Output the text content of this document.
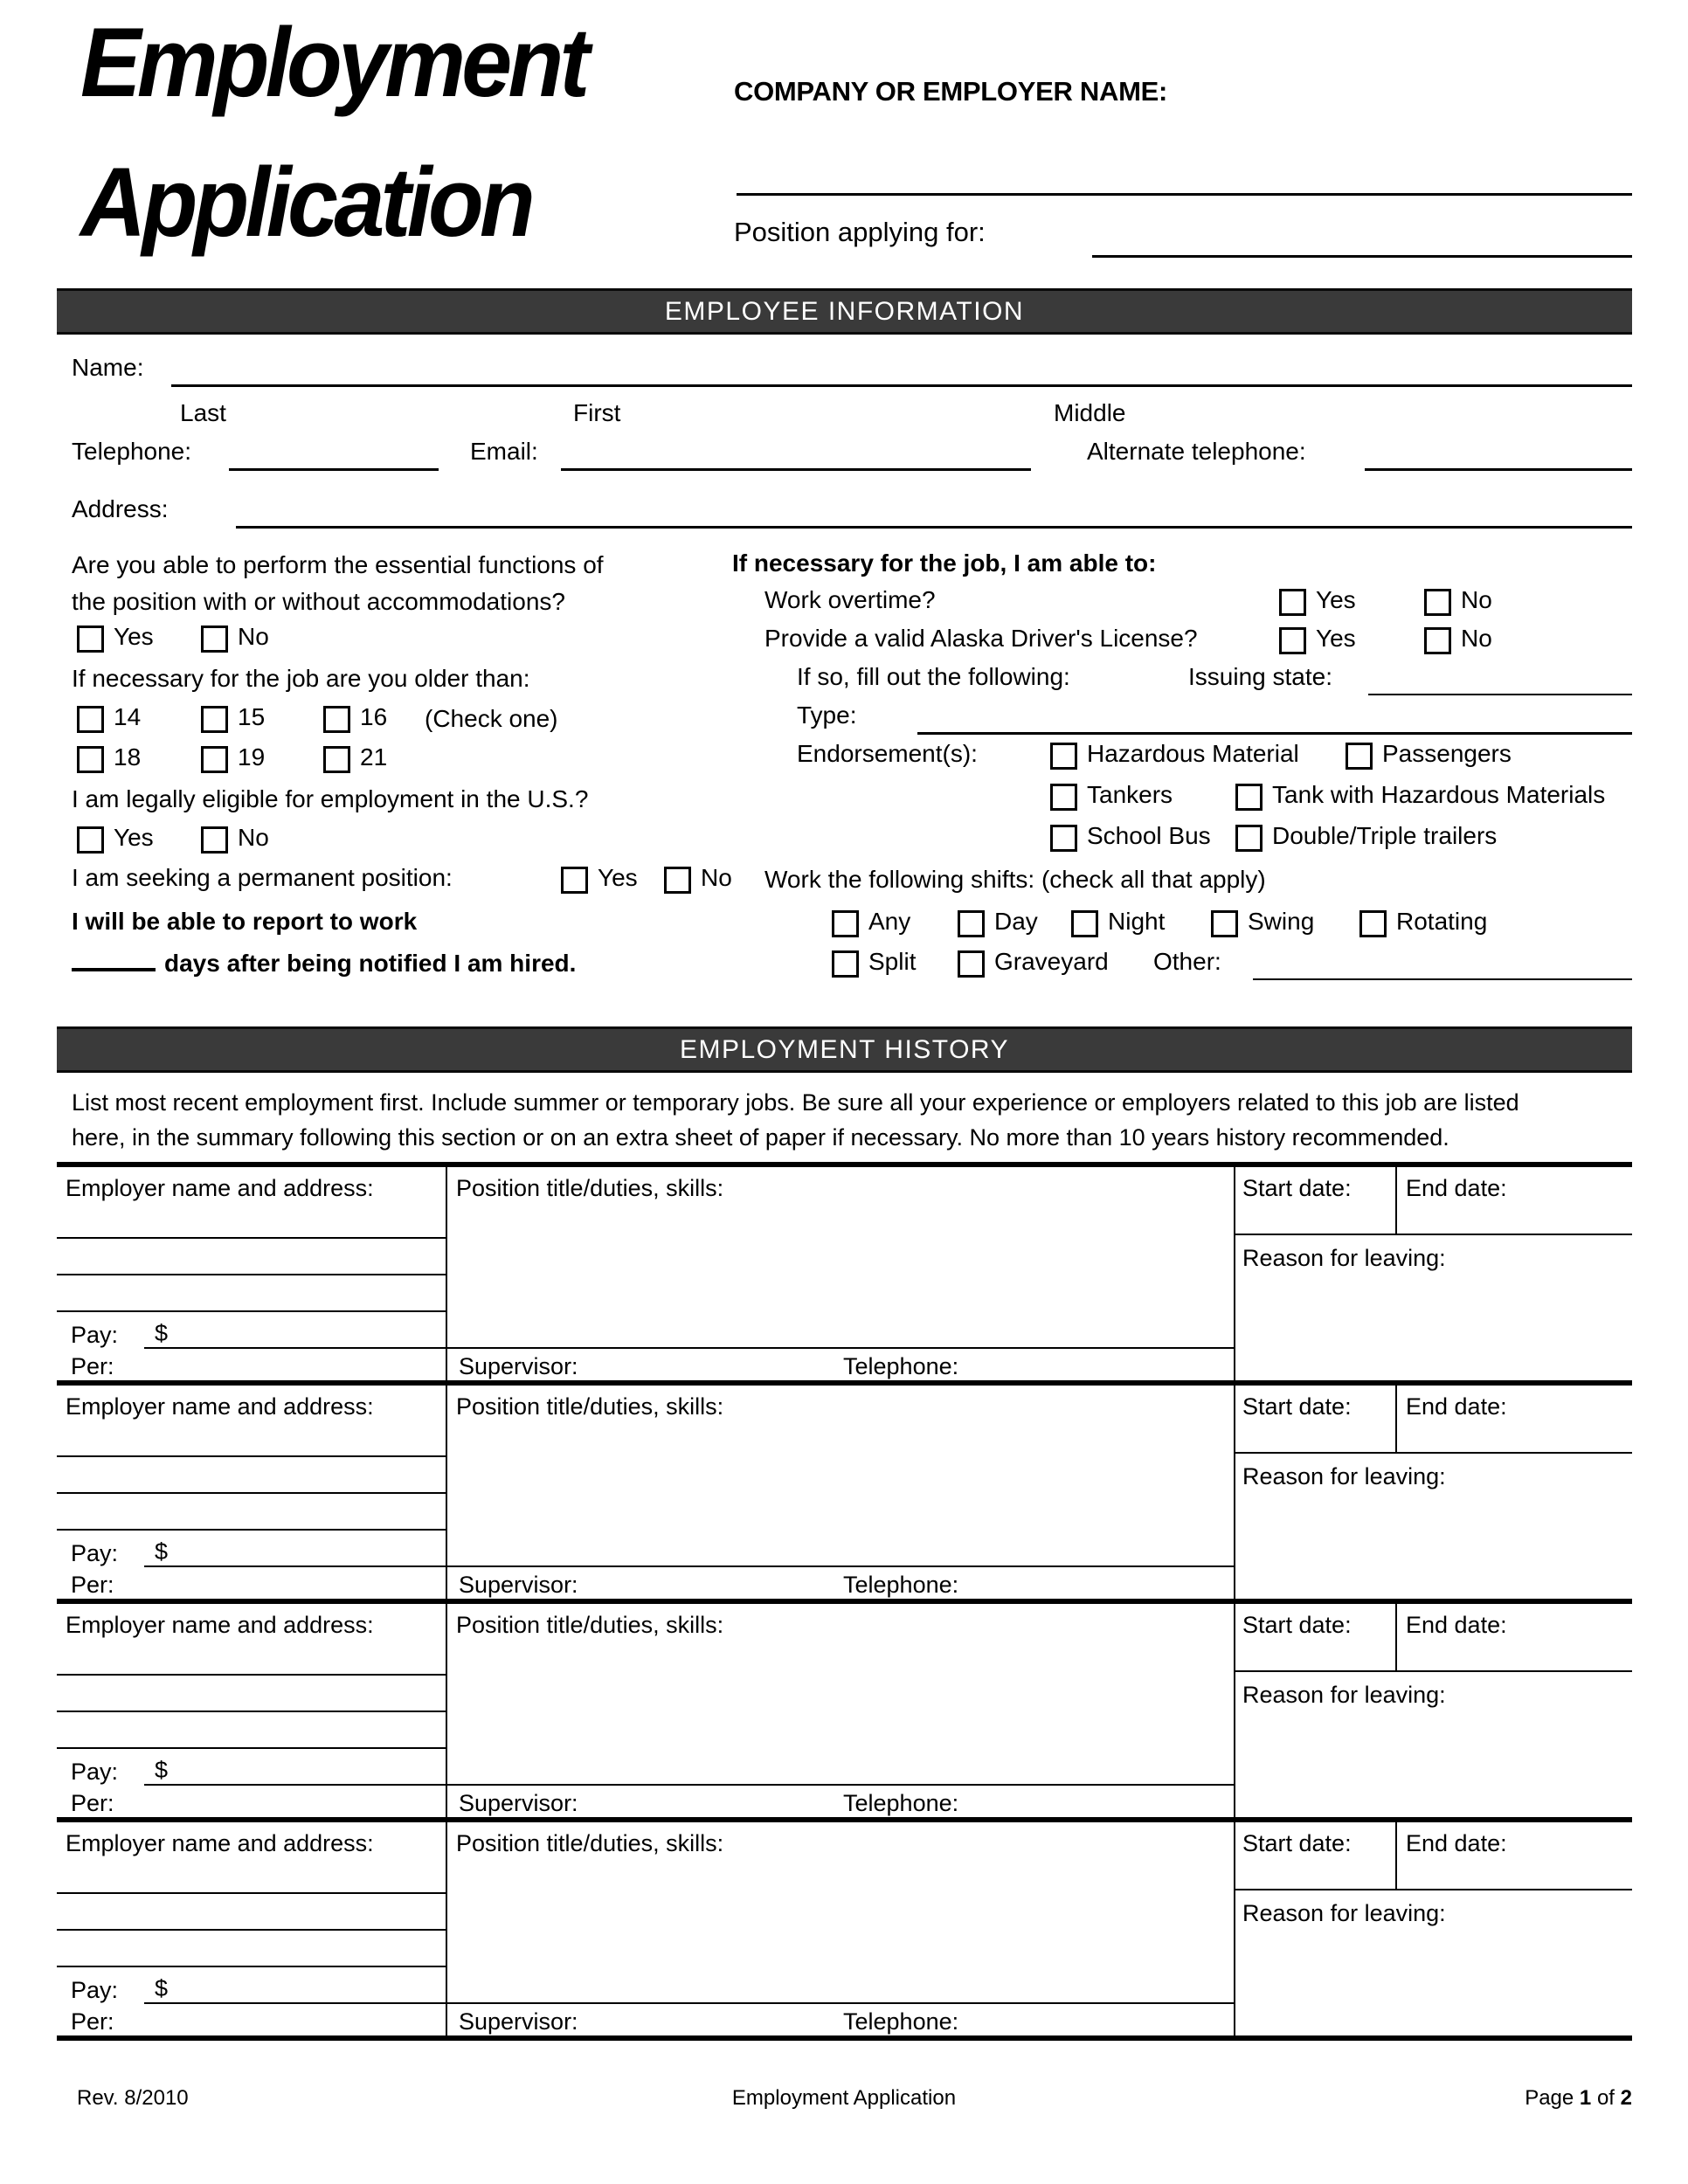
Employment
Application
COMPANY OR EMPLOYER NAME:
Position applying for:
EMPLOYEE INFORMATION
Name:
Last	First	Middle
Telephone:	Email:	Alternate telephone:
Address:
Are you able to perform the essential functions of
the position with or without accommodations?
Yes	No
If necessary for the job are you older than:
14	15	16 (Check one)
18	19	21
I am legally eligible for employment in the U.S.?
Yes	No
I am seeking a permanent position:	Yes	No
I will be able to report to work
days after being notified I am hired.
If necessary for the job, I am able to:
Work overtime?	Yes	No
Provide a valid Alaska Driver's License?	Yes	No
If so, fill out the following:	Issuing state:
Type:
Endorsement(s):	Hazardous Material	Passengers
Tankers	Tank with Hazardous Materials
School Bus	Double/Triple trailers
Work the following shifts: (check all that apply)
Any	Day	Night	Swing	Rotating
Split	Graveyard Other:
EMPLOYMENT HISTORY
List most recent employment first. Include summer or temporary jobs. Be sure all your experience or employers related to this job are listed
here, in the summary following this section or on an extra sheet of paper if necessary. No more than 10 years history recommended.
Employer name and address:	Position title/duties, skills:	Start date: End date:
Reason for leaving:
Pay: $
Per:	Supervisor:	Telephone:
Employer name and address:	Position title/duties, skills:	Start date: End date:
Reason for leaving:
Pay: $
Per:	Supervisor:	Telephone:
Employer name and address:	Position title/duties, skills:	Start date: End date:
Reason for leaving:
Pay: $
Per:	Supervisor:	Telephone:
Employer name and address:	Position title/duties, skills:	Start date: End date:
Reason for leaving:
Pay: $
Per:	Supervisor:	Telephone:
Rev. 8/2010	Employment Application	Page 1 of 2
